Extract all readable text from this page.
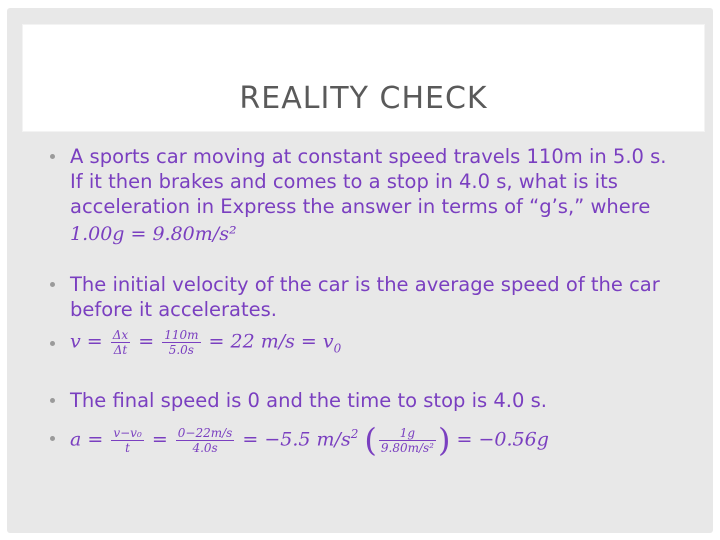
REALITY CHECK
A sports car moving at constant speed travels 110m in 5.0 s. If it then brakes and comes to a stop in 4.0 s, what is its acceleration in Express the answer in terms of “g’s,” where
1.00g = 9.80m/s²
The initial velocity of the car is the average speed of the car before it accelerates.
$v = \frac{\Delta x}{\Delta t} = \frac{110m}{5.0s} = 22$ $m/s = v_0$
The final speed is 0 and the time to stop is 4.0 s.
$a = \frac{\text{v−v₀}}{t} = \frac{0-22m/s}{4.0s} = -5.5$ $m/s^2$ ( $\frac{1g}{\text{9.80m/s²}}$ ) = −0.56g
